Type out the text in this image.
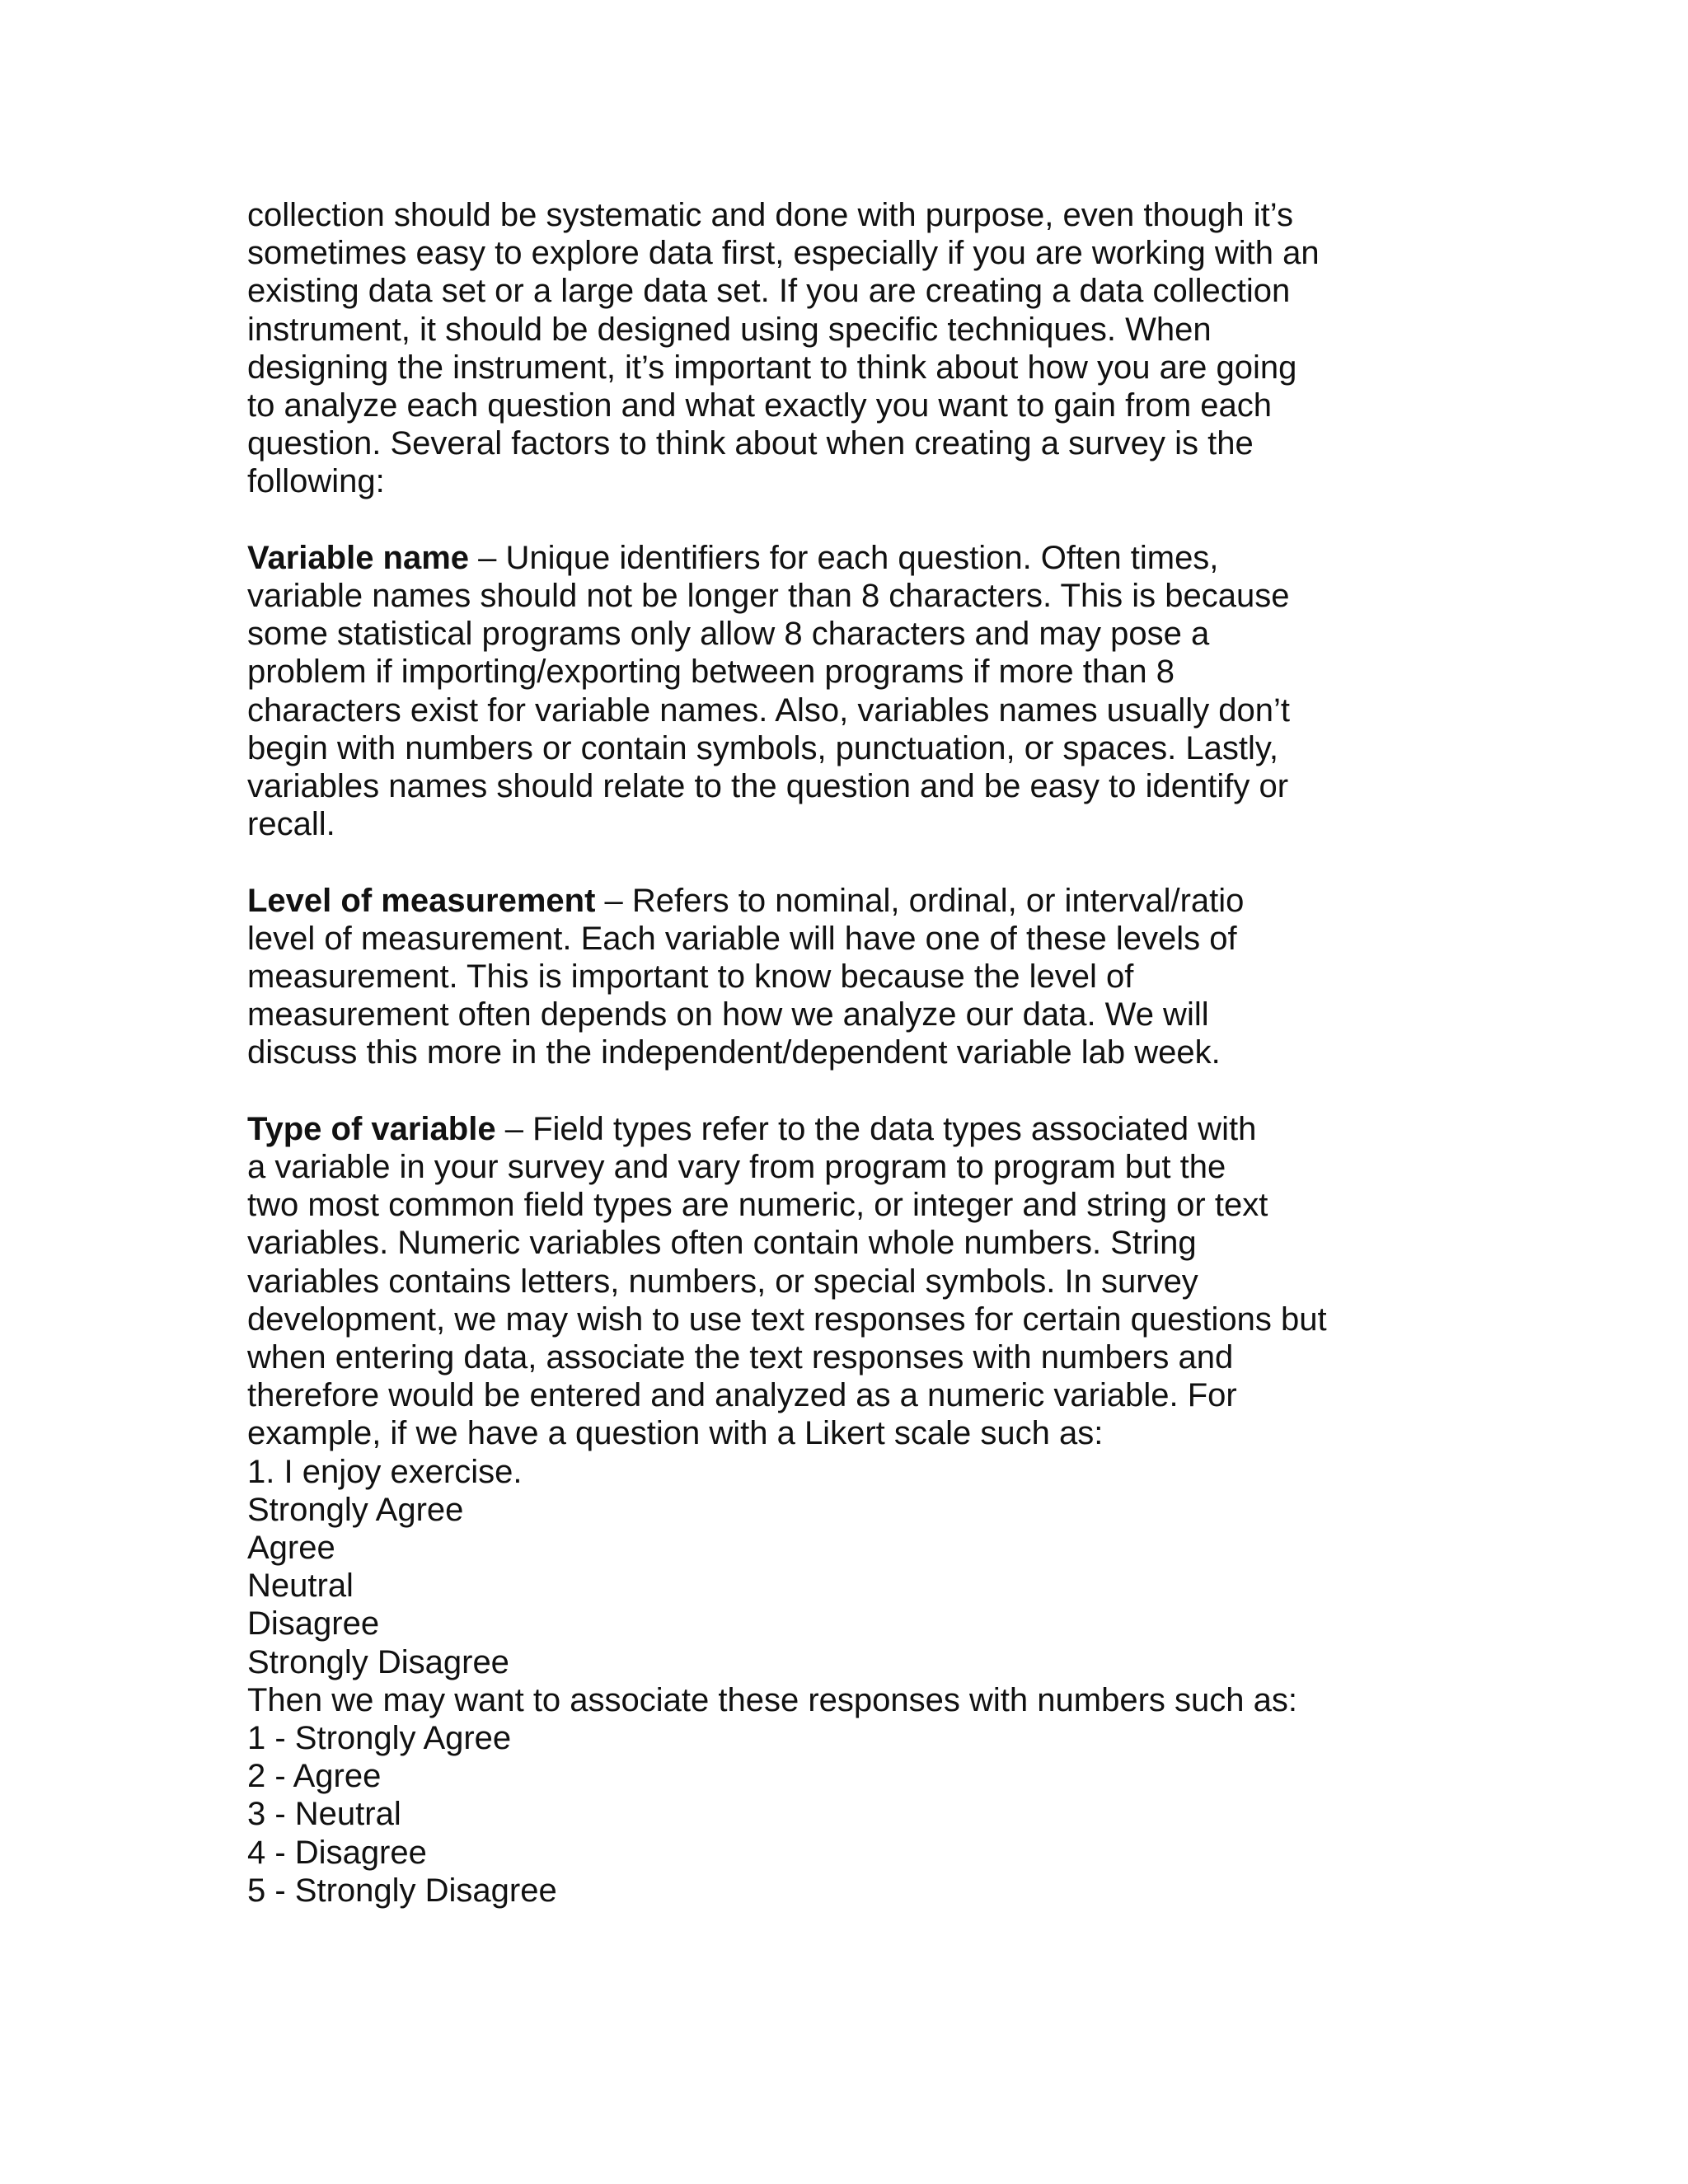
collection should be systematic and done with purpose, even though it’s
sometimes easy to explore data first, especially if you are working with an
existing data set or a large data set. If you are creating a data collection
instrument, it should be designed using specific techniques. When
designing the instrument, it’s important to think about how you are going
to analyze each question and what exactly you want to gain from each
question. Several factors to think about when creating a survey is the
following:

Variable name – Unique identifiers for each question. Often times,
variable names should not be longer than 8 characters. This is because
some statistical programs only allow 8 characters and may pose a
problem if importing/exporting between programs if more than 8
characters exist for variable names. Also, variables names usually don’t
begin with numbers or contain symbols, punctuation, or spaces. Lastly,
variables names should relate to the question and be easy to identify or
recall.

Level of measurement – Refers to nominal, ordinal, or interval/ratio
level of measurement. Each variable will have one of these levels of
measurement. This is important to know because the level of
measurement often depends on how we analyze our data. We will
discuss this more in the independent/dependent variable lab week.

Type of variable – Field types refer to the data types associated with
a variable in your survey and vary from program to program but the
two most common field types are numeric, or integer and string or text
variables. Numeric variables often contain whole numbers. String
variables contains letters, numbers, or special symbols. In survey
development, we may wish to use text responses for certain questions but
when entering data, associate the text responses with numbers and
therefore would be entered and analyzed as a numeric variable. For
example, if we have a question with a Likert scale such as:

1. I enjoy exercise.
Strongly Agree
Agree
Neutral
Disagree
Strongly Disagree
Then we may want to associate these responses with numbers such as:
1 - Strongly Agree
2 - Agree
3 - Neutral
4 - Disagree
5 - Strongly Disagree
